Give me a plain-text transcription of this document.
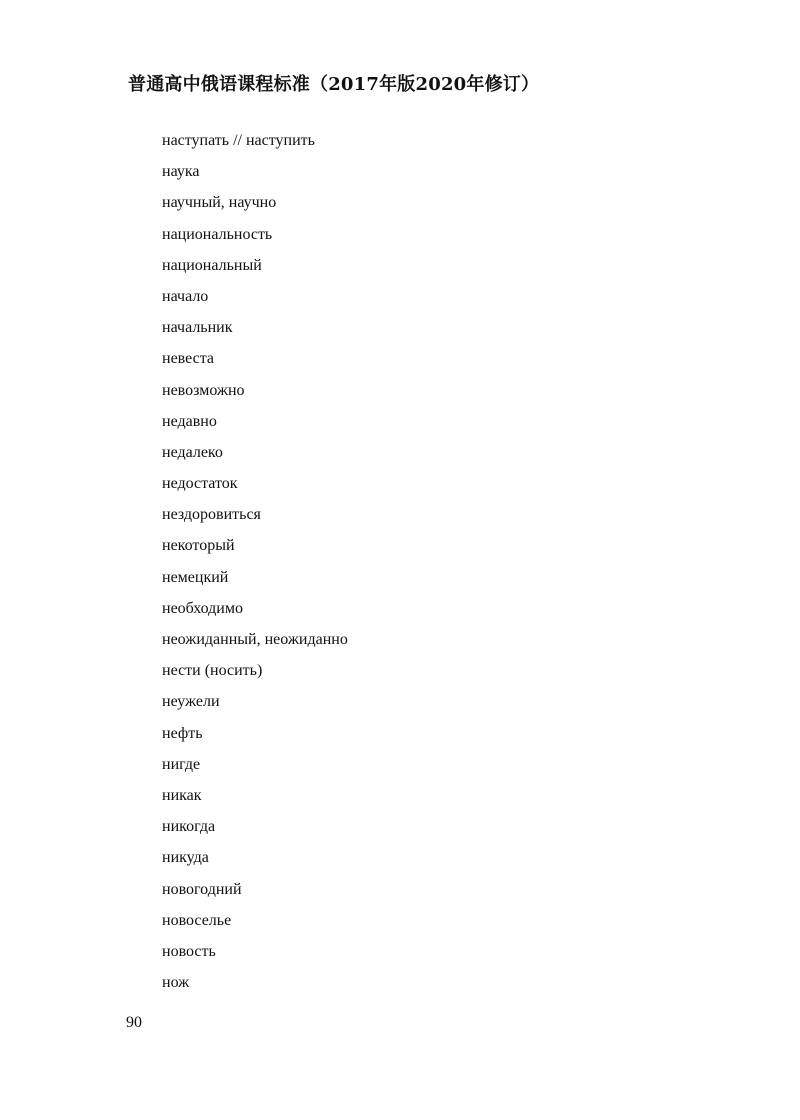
普通高中俄语课程标准（2017年版2020年修订）
наступать // наступить
наука
научный, научно
национальность
национальный
начало
начальник
невеста
невозможно
недавно
недалеко
недостаток
нездоровиться
некоторый
немецкий
необходимо
неожиданный, неожиданно
нести (носить)
неужели
нефть
нигде
никак
никогда
никуда
новогодний
новоселье
новость
нож
90
